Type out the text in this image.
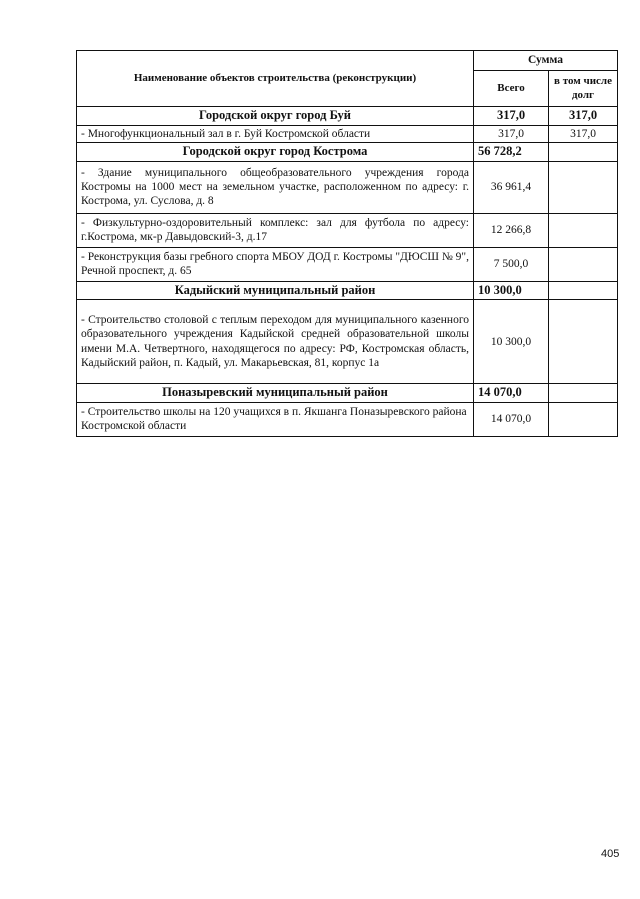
Наименование объектов строительства (реконструкции)	Сумма	
	Всего	в том числе долг
Городской округ город Буй	317,0	317,0
- Многофункциональный зал в г. Буй Костромской области	317,0	317,0
Городской округ город Кострома	56 728,2	
- Здание муниципального общеобразовательного учреждения города Костромы на 1000 мест на земельном участке, расположенном по адресу: г. Кострома, ул. Суслова, д. 8	36 961,4	
- Физкультурно-оздоровительный комплекс: зал для футбола по адресу: г.Кострома, мк-р Давыдовский-3, д.17	12 266,8	
- Реконструкция базы гребного спорта МБОУ ДОД г. Костромы "ДЮСШ № 9", Речной проспект, д. 65	7 500,0	
Кадыйский муниципальный район	10 300,0	
- Строительство столовой с теплым переходом для муниципального казенного образовательного учреждения Кадыйской средней образовательной школы имени М.А. Четвертного, находящегося по адресу: РФ, Костромская область, Кадыйский район, п. Кадый, ул. Макарьевская, 81, корпус 1а	10 300,0	
Поназыревский муниципальный район	14 070,0	
- Строительство школы на 120 учащихся в п. Якшанга Поназыревского района Костромской области	14 070,0	
405
